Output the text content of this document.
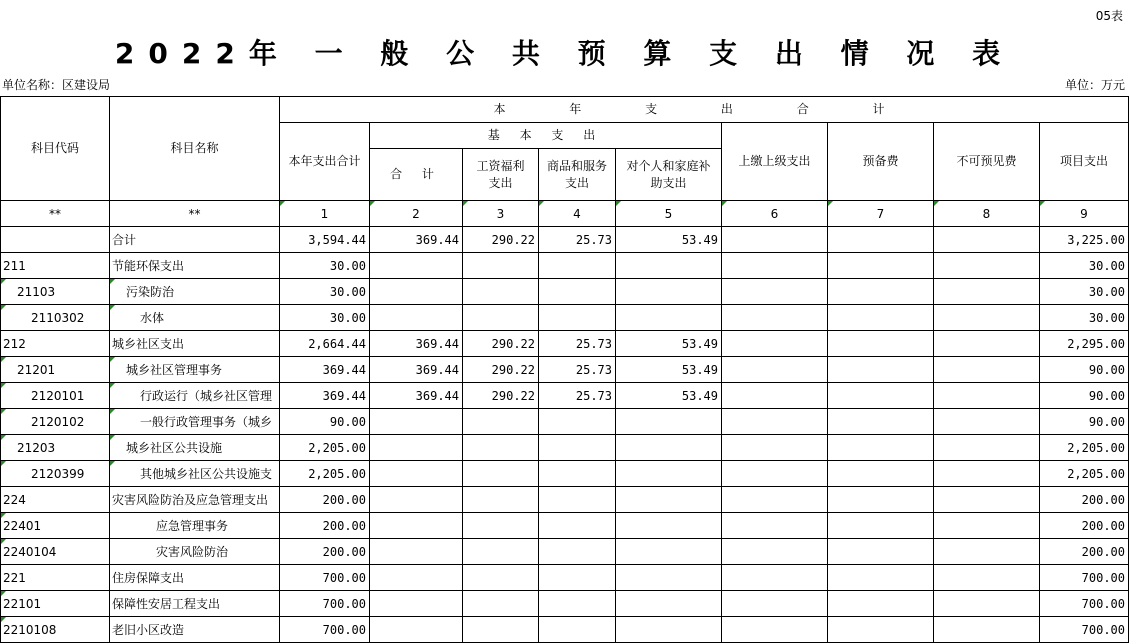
05表
2022年 一 般 公 共 预 算 支 出 情 况 表
单位名称：区建设局	单位：万元
科目代码	科目名称	本 年 支 出 合 计								
		本年支出合计	基 本 支 出				上缴上级支出	预备费	不可预见费	项目支出
			合 计	工资福利支出	商品和服务支出	对个人和家庭补助支出				
**	**	1	2	3	4	5	6	7	8	9
	合计	3,594.44	369.44	290.22	25.73	53.49				3,225.00
211	节能环保支出	30.00								30.00
21103	污染防治	30.00								30.00
2110302	水体	30.00								30.00
212	城乡社区支出	2,664.44	369.44	290.22	25.73	53.49				2,295.00
21201	城乡社区管理事务	369.44	369.44	290.22	25.73	53.49				90.00
2120101	行政运行（城乡社区管理	369.44	369.44	290.22	25.73	53.49				90.00
2120102	一般行政管理事务（城乡	90.00								90.00
21203	城乡社区公共设施	2,205.00								2,205.00
2120399	其他城乡社区公共设施支	2,205.00								2,205.00
224	灾害风险防治及应急管理支出	200.00								200.00
22401	应急管理事务	200.00								200.00
2240104	灾害风险防治	200.00								200.00
221	住房保障支出	700.00								700.00
22101	保障性安居工程支出	700.00								700.00
2210108	老旧小区改造	700.00								700.00
